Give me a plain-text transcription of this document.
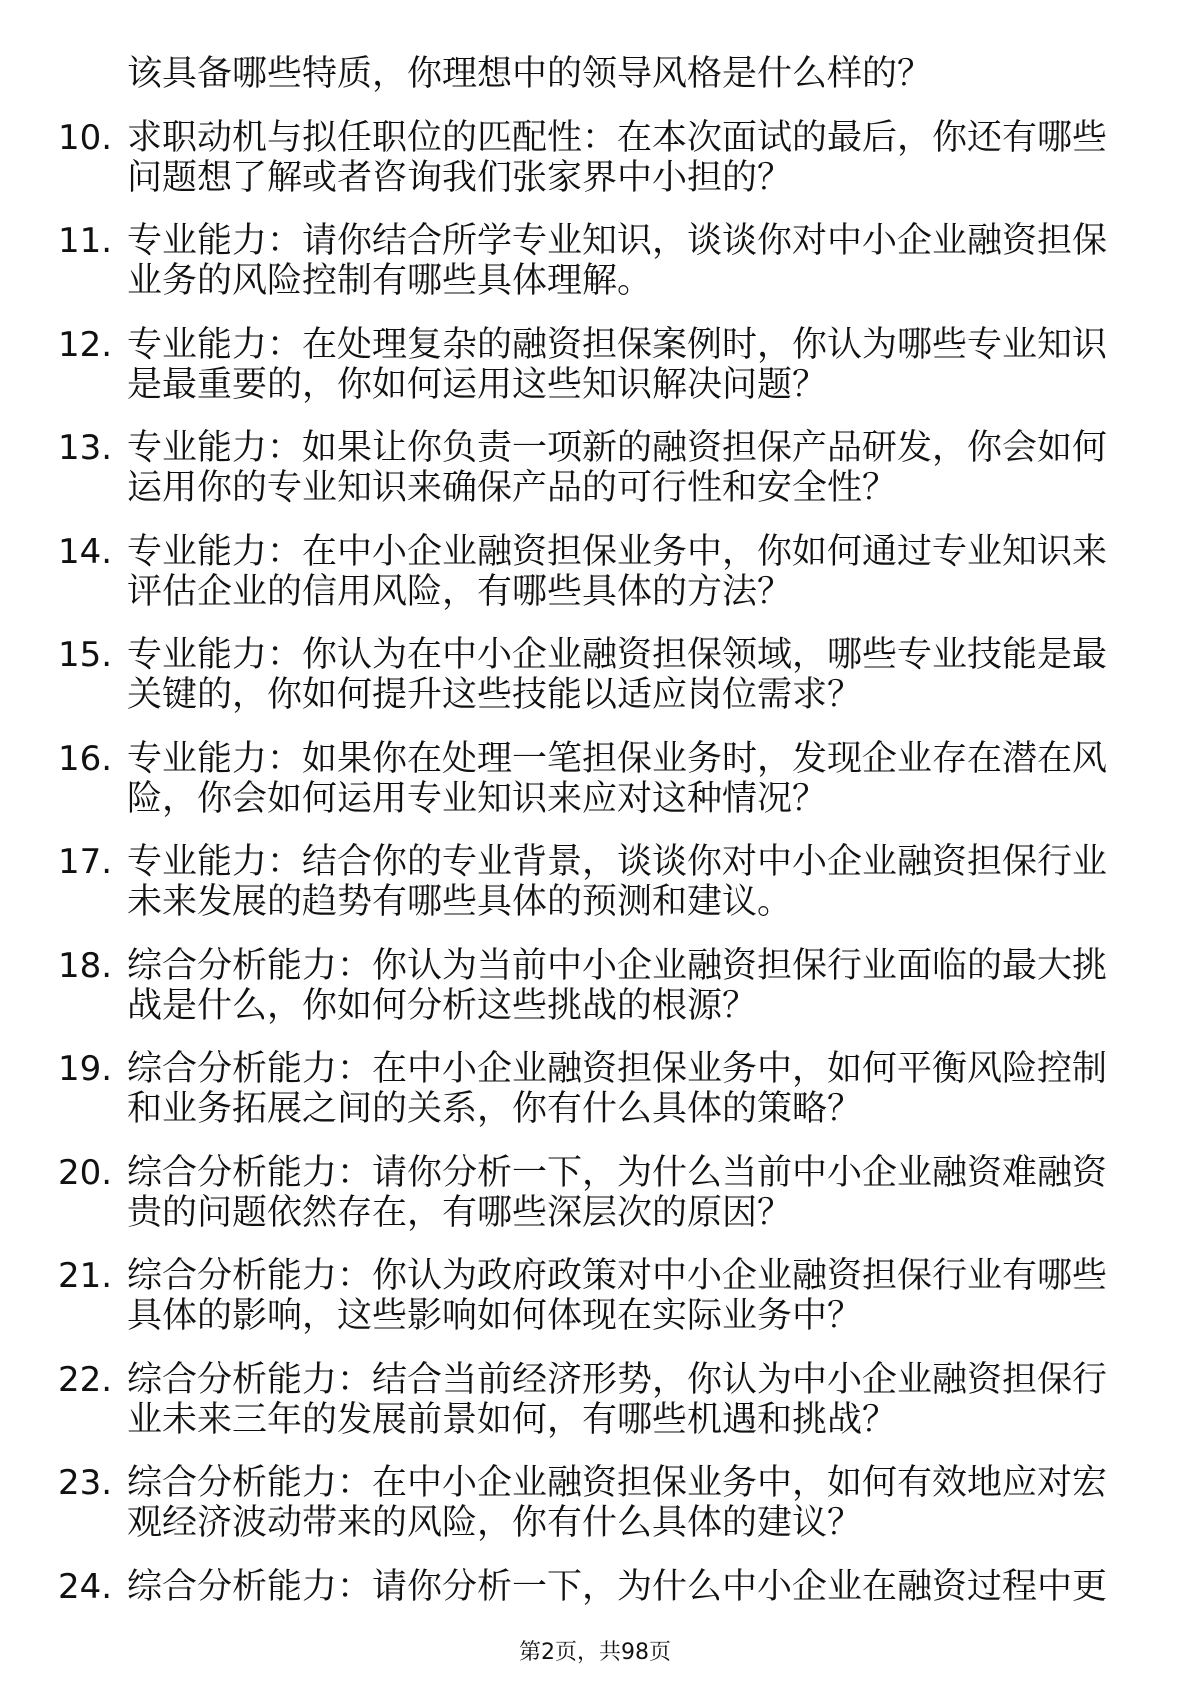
该具备哪些特质，你理想中的领导风格是什么样的？
10. 求职动机与拟任职位的匹配性：在本次面试的最后，你还有哪些
问题想了解或者咨询我们张家界中小担的？
11. 专业能力：请你结合所学专业知识，谈谈你对中小企业融资担保
业务的风险控制有哪些具体理解。
12. 专业能力：在处理复杂的融资担保案例时，你认为哪些专业知识
是最重要的，你如何运用这些知识解决问题？
13. 专业能力：如果让你负责一项新的融资担保产品研发，你会如何
运用你的专业知识来确保产品的可行性和安全性？
14. 专业能力：在中小企业融资担保业务中，你如何通过专业知识来
评估企业的信用风险，有哪些具体的方法？
15. 专业能力：你认为在中小企业融资担保领域，哪些专业技能是最
关键的，你如何提升这些技能以适应岗位需求？
16. 专业能力：如果你在处理一笔担保业务时，发现企业存在潜在风
险，你会如何运用专业知识来应对这种情况？
17. 专业能力：结合你的专业背景，谈谈你对中小企业融资担保行业
未来发展的趋势有哪些具体的预测和建议。
18. 综合分析能力：你认为当前中小企业融资担保行业面临的最大挑
战是什么，你如何分析这些挑战的根源？
19. 综合分析能力：在中小企业融资担保业务中，如何平衡风险控制
和业务拓展之间的关系，你有什么具体的策略？
20. 综合分析能力：请你分析一下，为什么当前中小企业融资难融资
贵的问题依然存在，有哪些深层次的原因？
21. 综合分析能力：你认为政府政策对中小企业融资担保行业有哪些
具体的影响，这些影响如何体现在实际业务中？
22. 综合分析能力：结合当前经济形势，你认为中小企业融资担保行
业未来三年的发展前景如何，有哪些机遇和挑战？
23. 综合分析能力：在中小企业融资担保业务中，如何有效地应对宏
观经济波动带来的风险，你有什么具体的建议？
24. 综合分析能力：请你分析一下，为什么中小企业在融资过程中更
第2页，共98页
